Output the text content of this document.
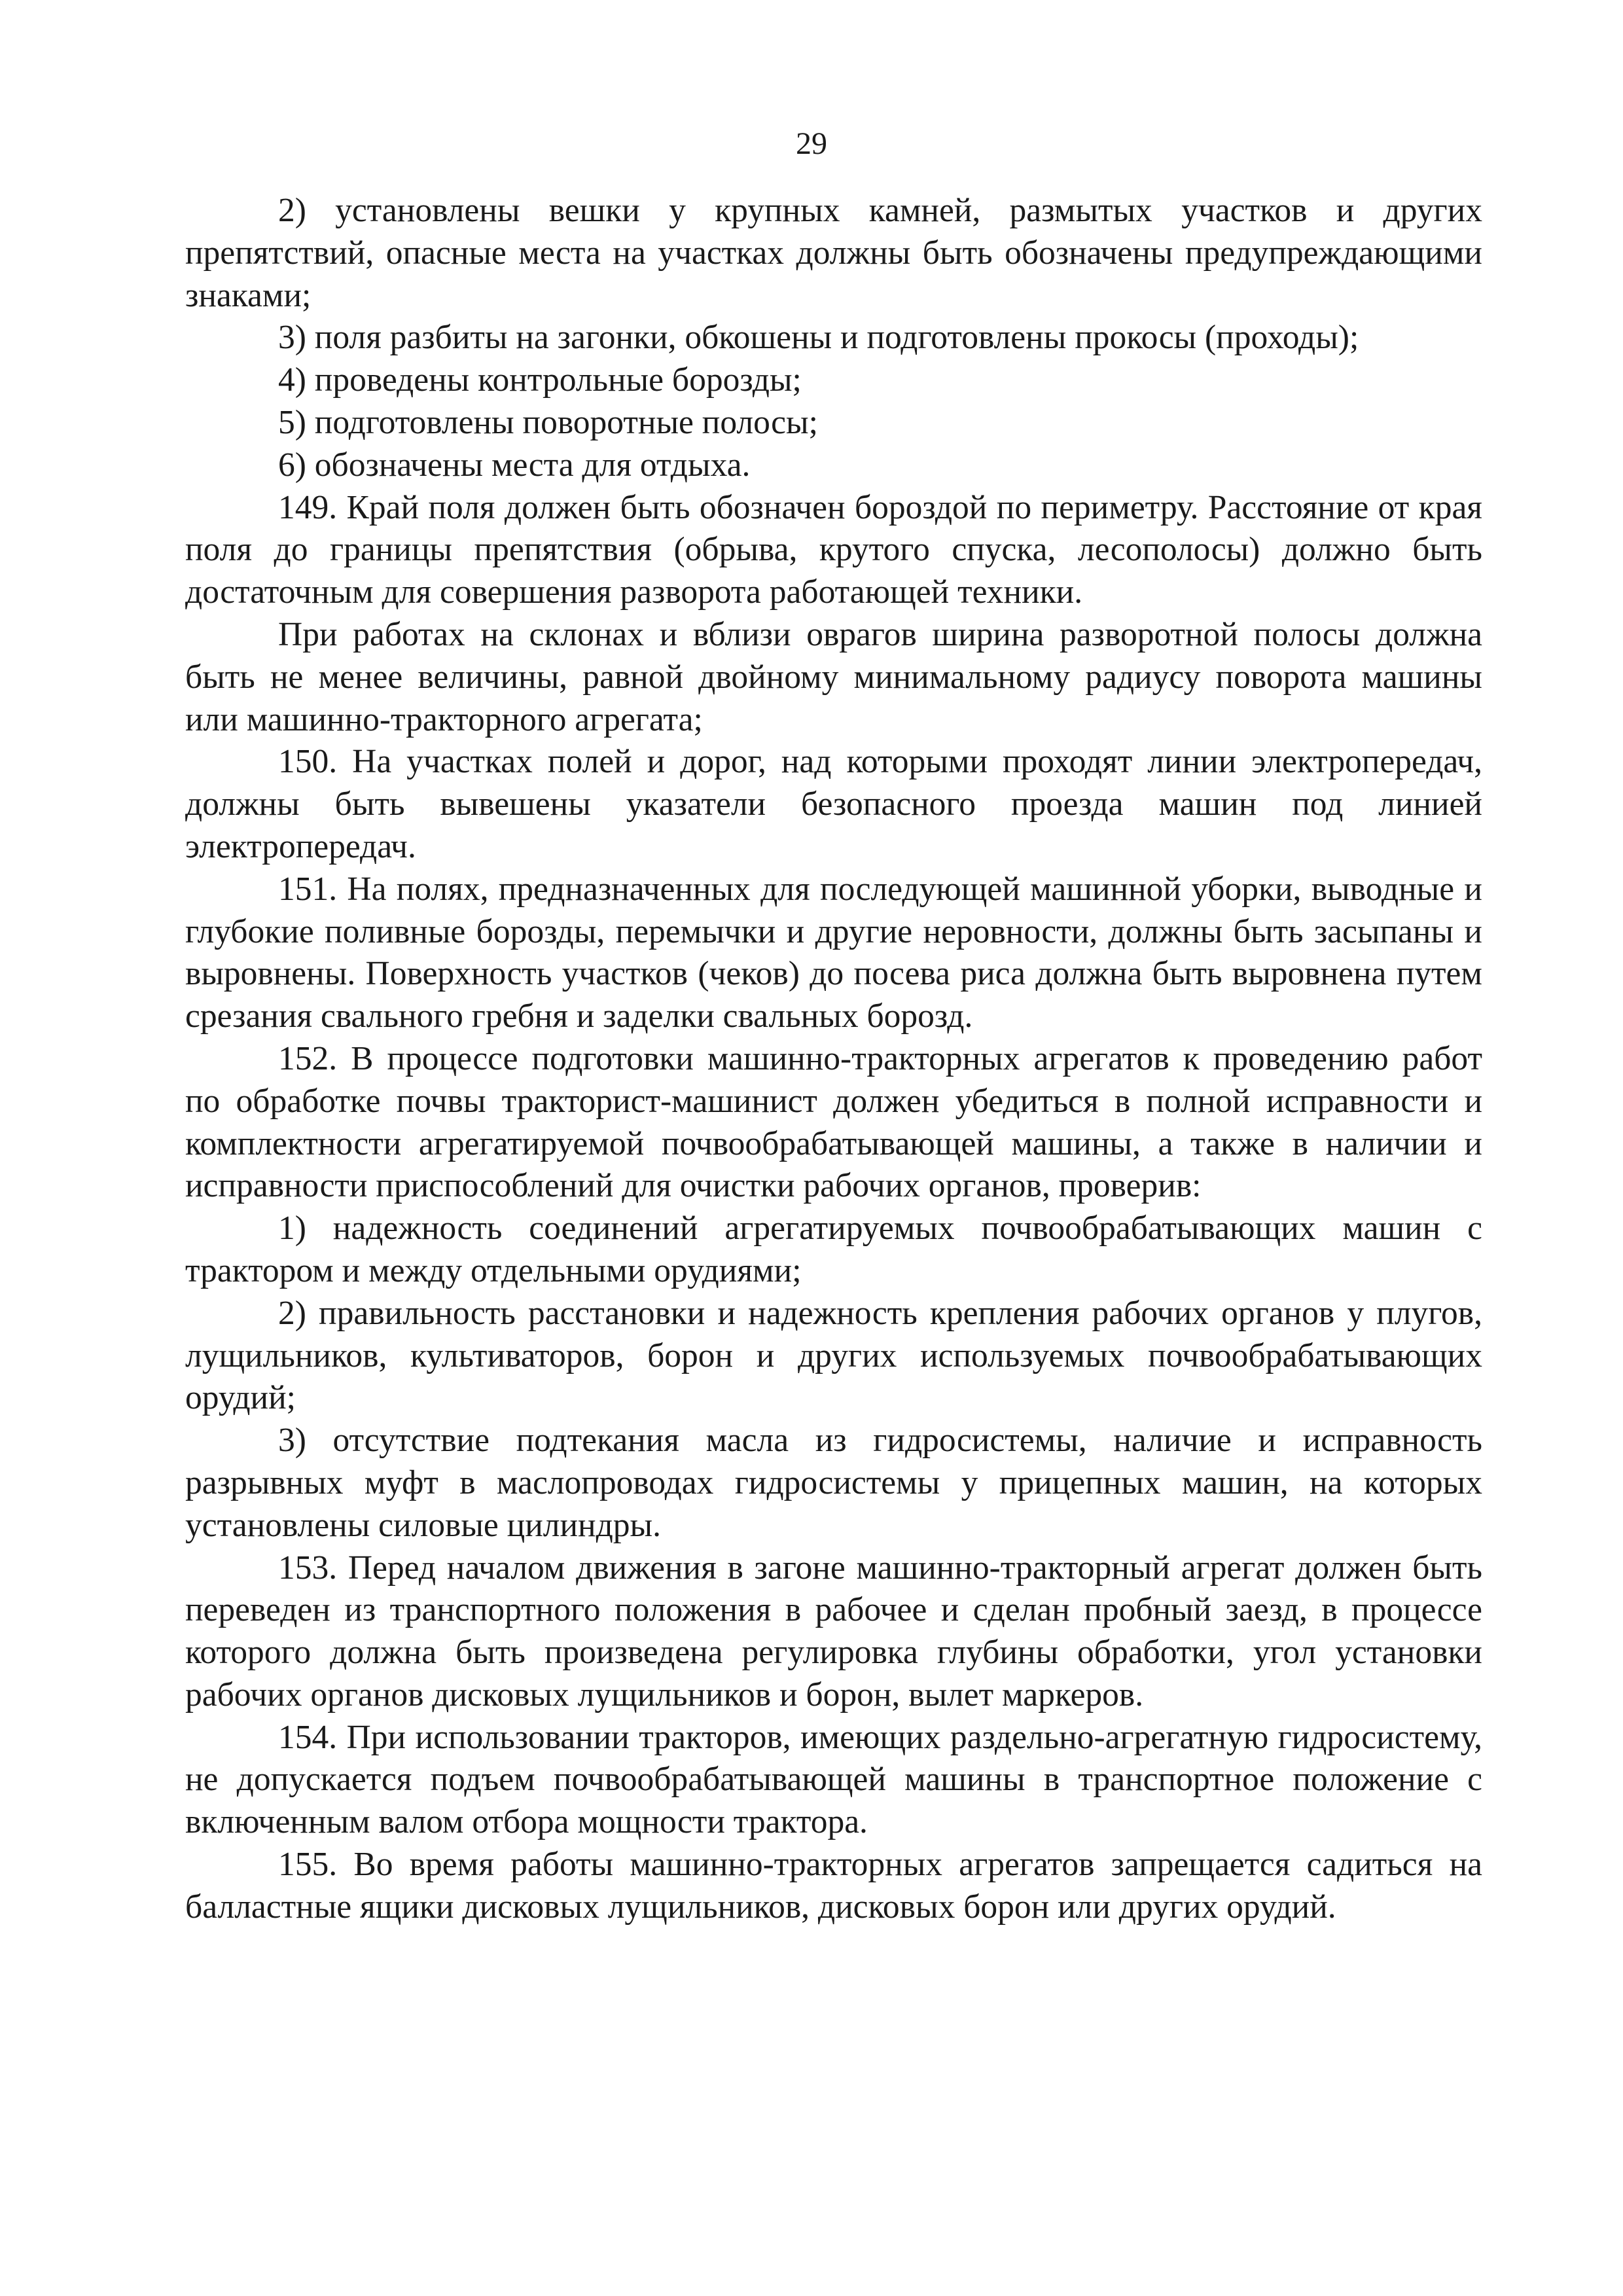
29

2) установлены вешки у крупных камней, размытых участков и других препятствий, опасные места на участках должны быть обозначены предупреждающими знаками;

3) поля разбиты на загонки, обкошены и подготовлены прокосы (проходы);

4) проведены контрольные борозды;

5) подготовлены поворотные полосы;

6) обозначены места для отдыха.

149. Край поля должен быть обозначен бороздой по периметру. Расстояние от края поля до границы препятствия (обрыва, крутого спуска, лесополосы) должно быть достаточным для совершения разворота работающей техники.

При работах на склонах и вблизи оврагов ширина разворотной полосы должна быть не менее величины, равной двойному минимальному радиусу поворота машины или машинно-тракторного агрегата;

150. На участках полей и дорог, над которыми проходят линии электропередач, должны быть вывешены указатели безопасного проезда машин под линией электропередач.

151. На полях, предназначенных для последующей машинной уборки, выводные и глубокие поливные борозды, перемычки и другие неровности, должны быть засыпаны и выровнены. Поверхность участков (чеков) до посева риса должна быть выровнена путем срезания свального гребня и заделки свальных борозд.

152. В процессе подготовки машинно-тракторных агрегатов к проведению работ по обработке почвы тракторист-машинист должен убедиться в полной исправности и комплектности агрегатируемой почвообрабатывающей машины, а также в наличии и исправности приспособлений для очистки рабочих органов, проверив:

1) надежность соединений агрегатируемых почвообрабатывающих машин с трактором и между отдельными орудиями;

2) правильность расстановки и надежность крепления рабочих органов у плугов, лущильников, культиваторов, борон и других используемых почвообрабатывающих орудий;

3) отсутствие подтекания масла из гидросистемы, наличие и исправность разрывных муфт в маслопроводах гидросистемы у прицепных машин, на которых установлены силовые цилиндры.

153. Перед началом движения в загоне машинно-тракторный агрегат должен быть переведен из транспортного положения в рабочее и сделан пробный заезд, в процессе которого должна быть произведена регулировка глубины обработки, угол установки рабочих органов дисковых лущильников и борон, вылет маркеров.

154. При использовании тракторов, имеющих раздельно-агрегатную гидросистему, не допускается подъем почвообрабатывающей машины в транспортное положение с включенным валом отбора мощности трактора.

155. Во время работы машинно-тракторных агрегатов запрещается садиться на балластные ящики дисковых лущильников, дисковых борон или других орудий.
